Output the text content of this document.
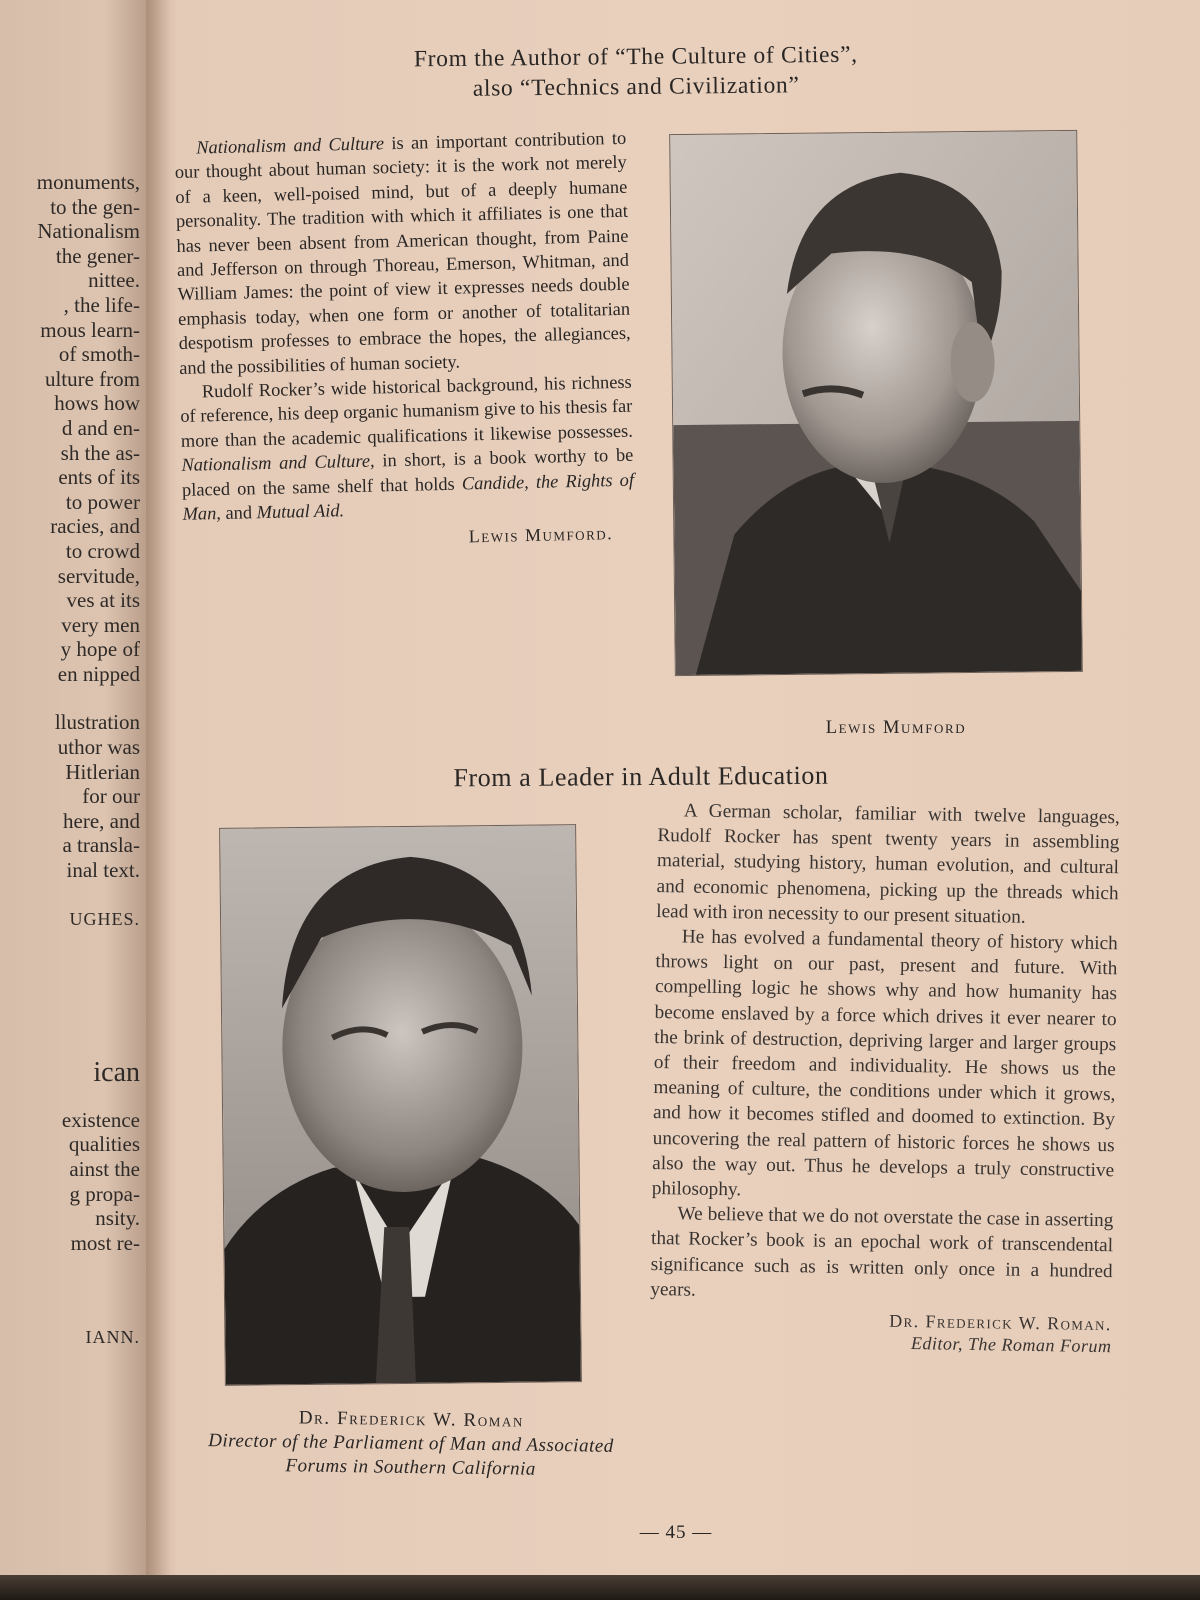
monuments,
to the gen-
Nationalism
the gener-
nittee.
, the life-
mous learn-
of smoth-
ulture from
hows how
d and en-
sh the as-
ents of its
to power
racies, and
to crowd
servitude,
ves at its
very men
y hope of
en nipped
llustration
uthor was
Hitlerian
for our
here, and
a transla-
inal text.
UGHES.
ican
existence
qualities
ainst the
g propa-
nsity.
most re-
IANN.
From the Author of “The Culture of Cities”,
also “Technics and Civilization”

Nationalism and Culture is an important contribution to our thought about human society: it is the work not merely of a keen, well-poised mind, but of a deeply humane personality. The tradition with which it affiliates is one that has never been absent from American thought, from Paine and Jefferson on through Thoreau, Emerson, Whitman, and William James: the point of view it expresses needs double emphasis today, when one form or another of totalitarian despotism professes to embrace the hopes, the allegiances, and the possibilities of human society.

Rudolf Rocker’s wide historical background, his richness of reference, his deep organic humanism give to his thesis far more than the academic qualifications it likewise possesses. Nationalism and Culture, in short, is a book worthy to be placed on the same shelf that holds Candide, the Rights of Man, and Mutual Aid.

Lewis Mumford.
Lewis Mumford
From a Leader in Adult Education

A German scholar, familiar with twelve languages, Rudolf Rocker has spent twenty years in assembling material, studying history, human evolution, and cultural and economic phenomena, picking up the threads which lead with iron necessity to our present situation.

He has evolved a fundamental theory of history which throws light on our past, present and future. With compelling logic he shows why and how humanity has become enslaved by a force which drives it ever nearer to the brink of destruction, depriving larger and larger groups of their freedom and individuality. He shows us the meaning of culture, the conditions under which it grows, and how it becomes stifled and doomed to extinction. By uncovering the real pattern of historic forces he shows us also the way out. Thus he develops a truly constructive philosophy.

We believe that we do not overstate the case in asserting that Rocker’s book is an epochal work of transcendental significance such as is written only once in a hundred years.

Dr. Frederick W. Roman.
Editor, The Roman Forum
Dr. Frederick W. Roman
Director of the Parliament of Man and Associated Forums in Southern California
— 45 —
